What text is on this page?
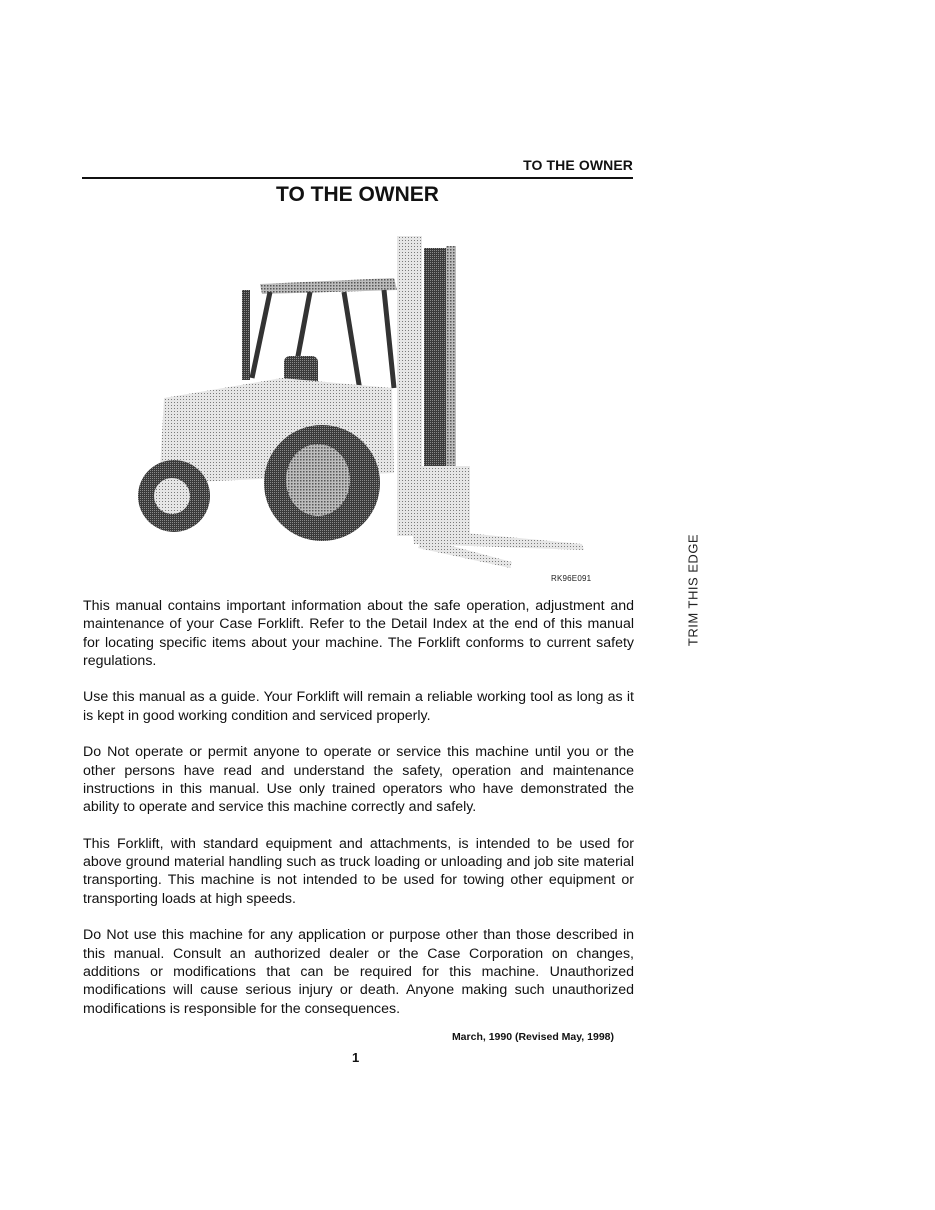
TO THE OWNER
TO THE OWNER
RK96E091

This manual contains important information about the safe operation, adjustment and maintenance of your Case Forklift. Refer to the Detail Index at the end of this manual for locating specific items about your machine. The Forklift conforms to current safety regulations.

Use this manual as a guide. Your Forklift will remain a reliable working tool as long as it is kept in good working condition and serviced properly.

Do Not operate or permit anyone to operate or service this machine until you or the other persons have read and understand the safety, operation and maintenance instructions in this manual. Use only trained operators who have demonstrated the ability to operate and service this machine correctly and safely.

This Forklift, with standard equipment and attachments, is intended to be used for above ground material handling such as truck loading or unloading and job site material transporting. This machine is not intended to be used for towing other equipment or transporting loads at high speeds.

Do Not use this machine for any application or purpose other than those described in this manual. Consult an authorized dealer or the Case Corporation on changes, additions or modifications that can be required for this machine. Unauthorized modifications will cause serious injury or death. Anyone making such unauthorized modifications is responsible for the consequences.

March, 1990 (Revised May, 1998)
1
TRIM THIS EDGE
